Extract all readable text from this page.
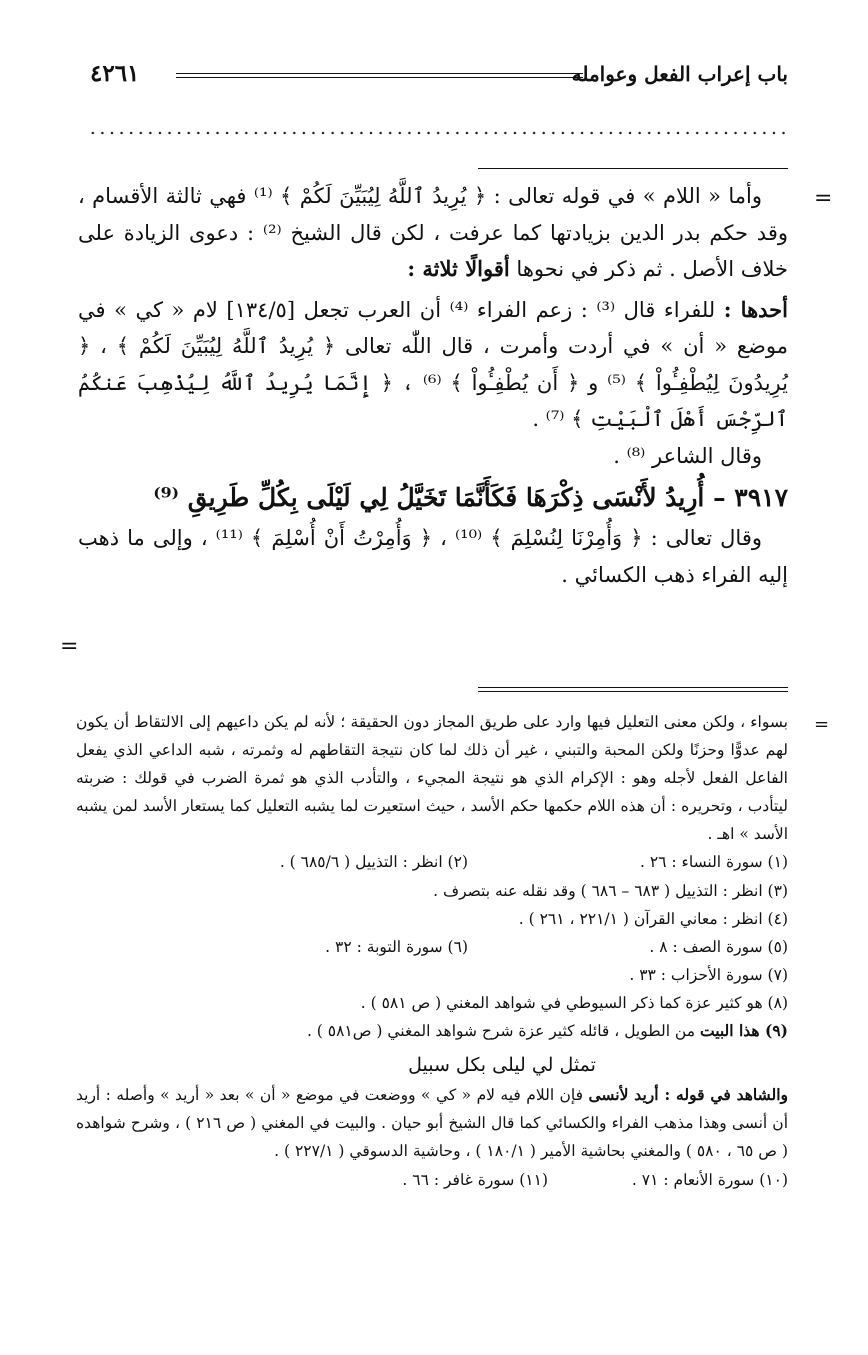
باب إعراب الفعل وعوامله
٤٢٦١
=

وأما « اللام » في قوله تعالى : ﴿ يُرِيدُ ٱللَّهُ لِيُبَيِّنَ لَكُمْ ﴾ ⁽¹⁾ فهي ثالثة الأقسام ، وقد حكم بدر الدين بزيادتها كما عرفت ، لكن قال الشيخ ⁽²⁾ : دعوى الزيادة على خلاف الأصل . ثم ذكر في نحوها أقوالًا ثلاثة :

أحدها : للفراء قال ⁽³⁾ : زعم الفراء ⁽⁴⁾ أن العرب تجعل [١٣٤/٥] لام « كي » في موضع « أن » في أردت وأمرت ، قال اللّٰه تعالى ﴿ يُرِيدُ ٱللَّهُ لِيُبَيِّنَ لَكُمْ ﴾ ، ﴿ يُرِيدُونَ لِيُطْفِـُٔواْ ﴾ ⁽⁵⁾ و ﴿ أَن يُطْفِـُٔواْ ﴾ ⁽⁶⁾ ، ﴿ إِنَّمَا يُرِيدُ ٱللَّهُ لِيُذْهِبَ عَنكُمُ ٱلرِّجْسَ أَهْلَ ٱلْبَيْتِ ﴾ ⁽⁷⁾ .

وقال الشاعر ⁽⁸⁾ .

٣٩١٧ – أُرِيدُ لأَنْسَى ذِكْرَهَا فَكَأَنَّمَا تَخَيَّلُ لِي لَيْلَى بِكُلِّ طَرِيقِ ⁽⁹⁾

وقال تعالى : ﴿ وَأُمِرْنَا لِنُسْلِمَ ﴾ ⁽¹⁰⁾ ، ﴿ وَأُمِرْتُ أَنْ أُسْلِمَ ﴾ ⁽¹¹⁾ ، وإلى ما ذهب إليه الفراء ذهب الكسائي .

=
=

بسواء ، ولكن معنى التعليل فيها وارد على طريق المجاز دون الحقيقة ؛ لأنه لم يكن داعيهم إلى الالتقاط أن يكون لهم عدوًّا وحزنًا ولكن المحبة والتبني ، غير أن ذلك لما كان نتيجة التقاطهم له وثمرته ، شبه الداعي الذي يفعل الفاعل الفعل لأجله وهو : الإكرام الذي هو نتيجة المجيء ، والتأدب الذي هو ثمرة الضرب في قولك : ضربته ليتأدب ، وتحريره : أن هذه اللام حكمها حكم الأسد ، حيث استعيرت لما يشبه التعليل كما يستعار الأسد لمن يشبه الأسد » اهـ .

(١) سورة النساء : ٢٦ .
(٢) انظر : التذييل ( ٦٨٥/٦ ) .

(٣) انظر : التذييل ( ٦٨٣ – ٦٨٦ ) وقد نقله عنه بتصرف .

(٤) انظر : معاني القرآن ( ٢٢١/١ ، ٢٦١ ) .

(٥) سورة الصف : ٨ .
(٦) سورة التوبة : ٣٢ .

(٧) سورة الأحزاب : ٣٣ .

(٨) هو كثير عزة كما ذكر السيوطي في شواهد المغني ( ص ٥٨١ ) .

(٩) هذا البيت من الطويل ، قائله كثير عزة شرح شواهد المغني ( ص٥٨١ ) .

تمثل لي ليلى بكل سبيل

والشاهد في قوله : أريد لأنسى فإن اللام فيه لام « كي » ووضعت في موضع « أن » بعد « أريد » وأصله : أريد أن أنسى وهذا مذهب الفراء والكسائي كما قال الشيخ أبو حيان . والبيت في المغني ( ص ٢١٦ ) ، وشرح شواهده ( ص ٦٥ ، ٥٨٠ ) والمغني بحاشية الأمير ( ١٨٠/١ ) ، وحاشية الدسوقي ( ٢٢٧/١ ) .

(١٠) سورة الأنعام : ٧١ .
(١١) سورة غافر : ٦٦ .
